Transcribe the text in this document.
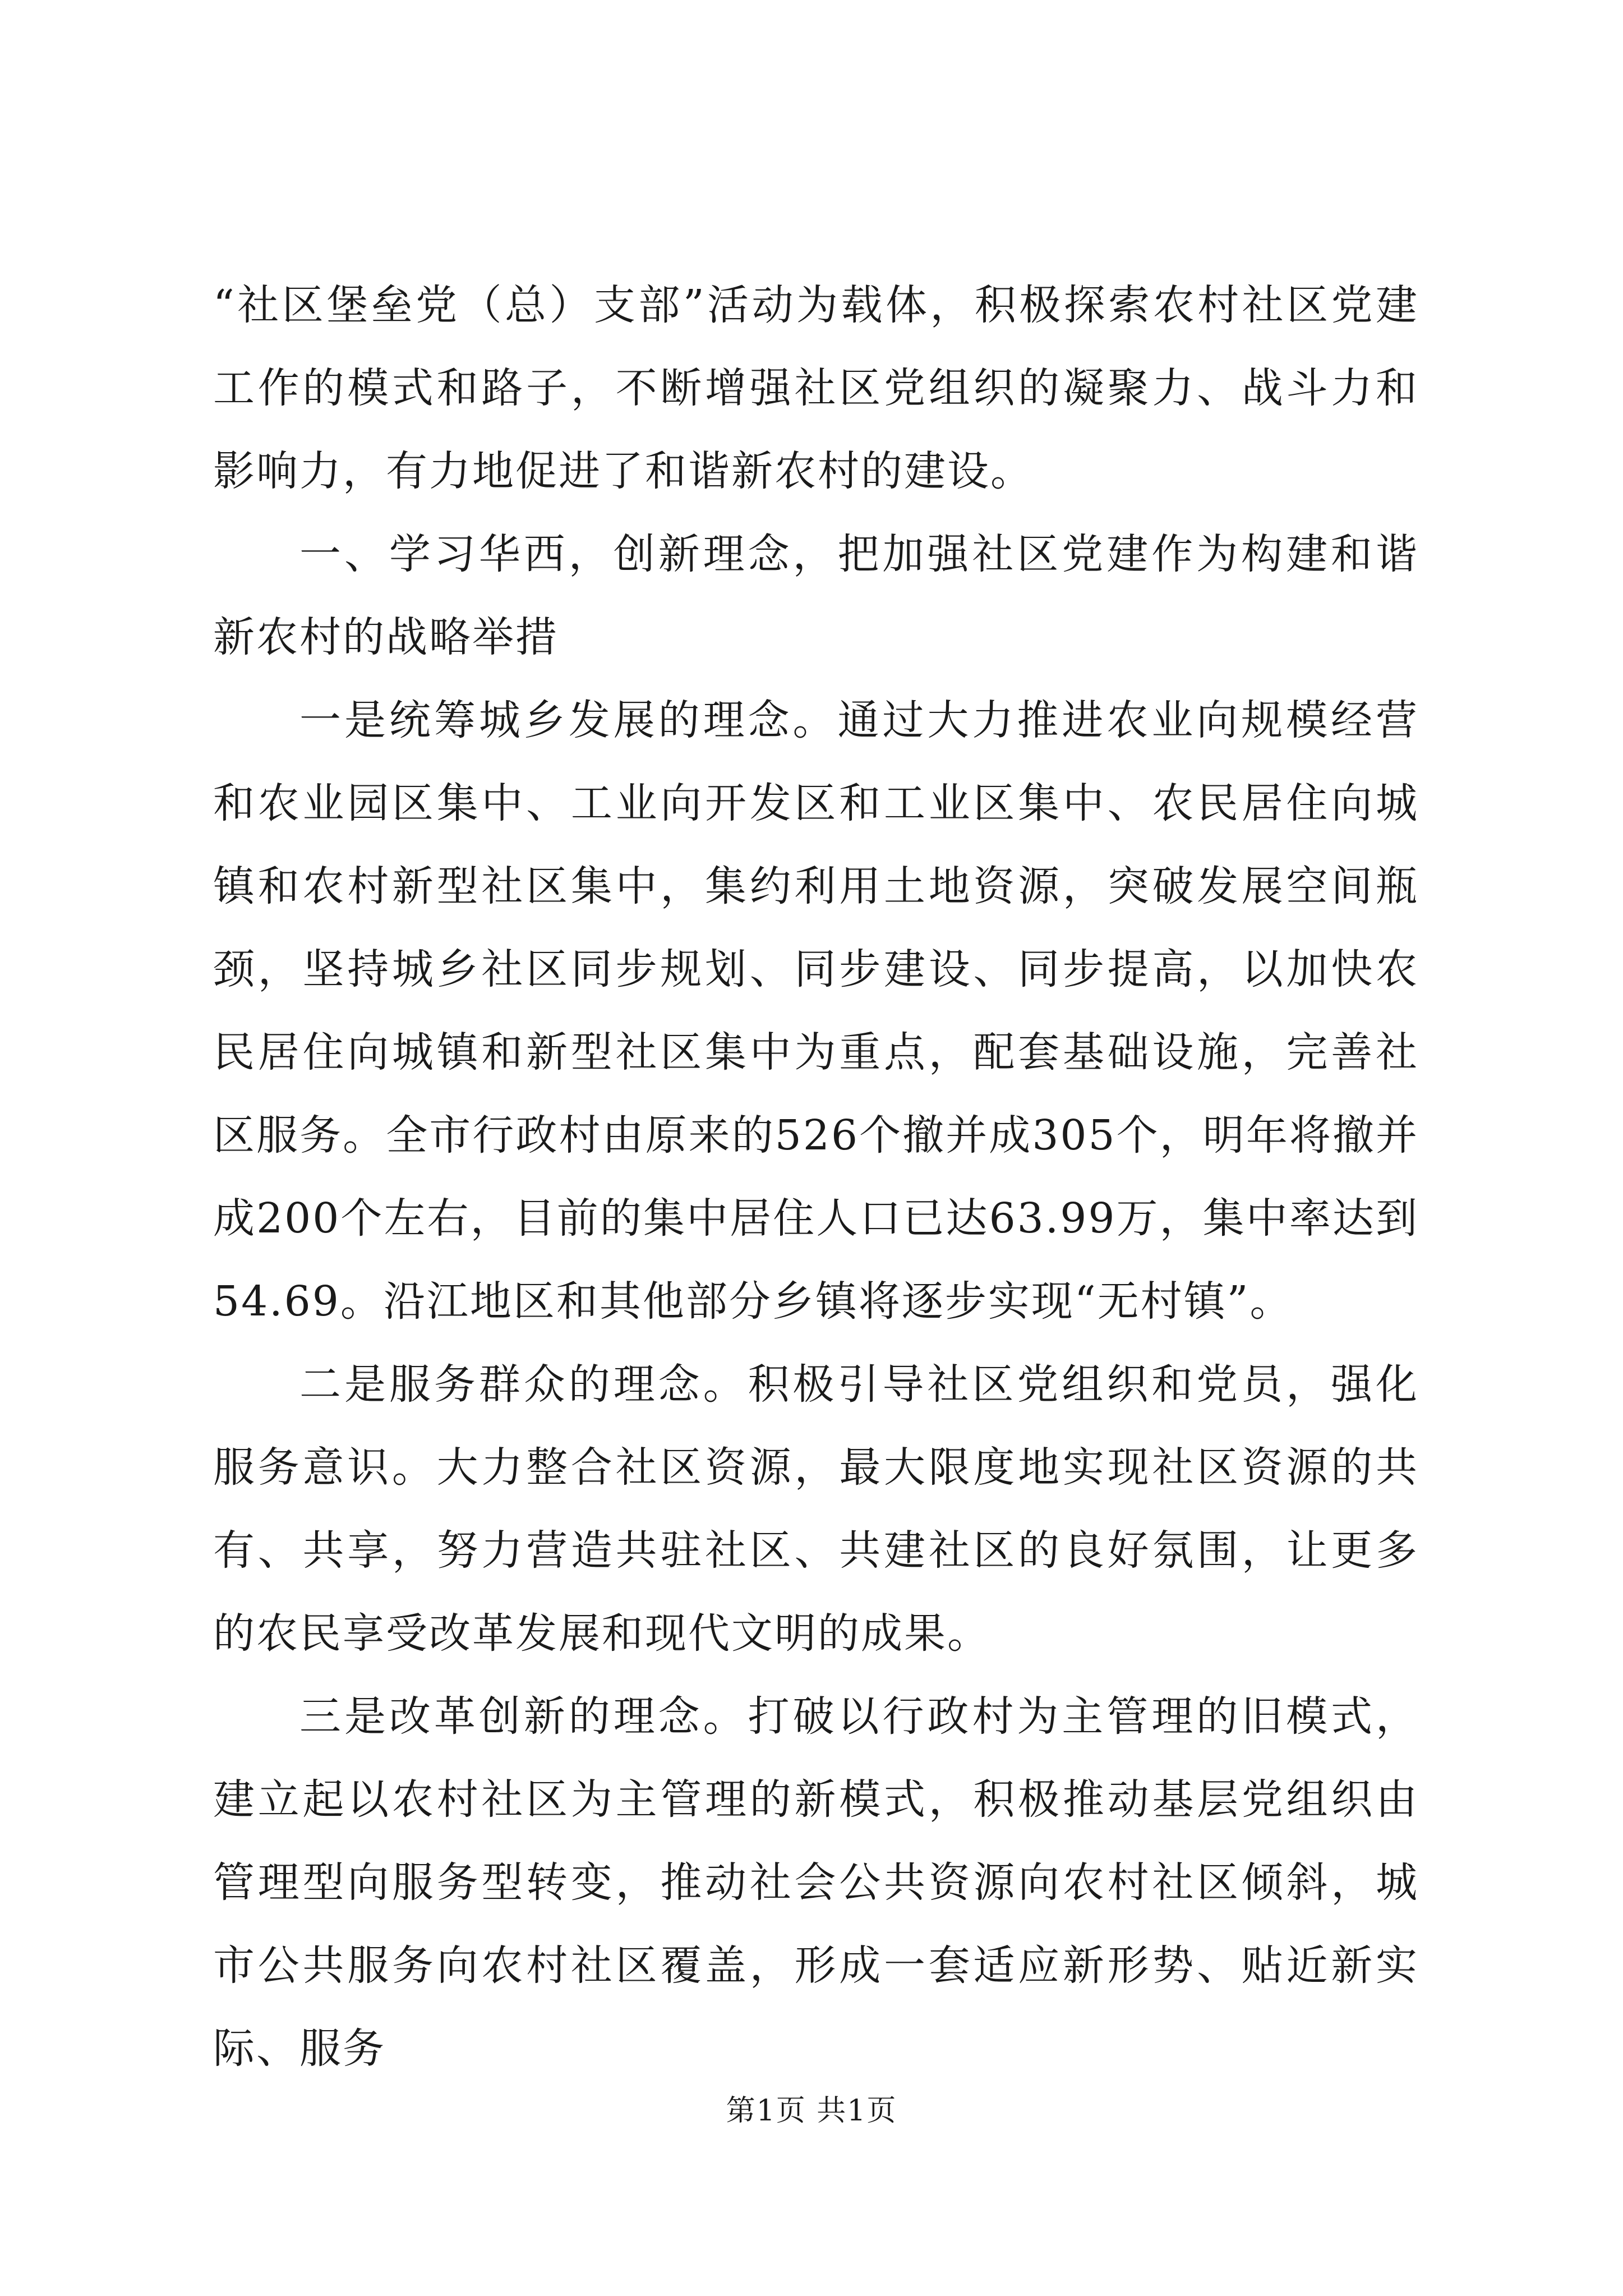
“社区堡垒党（总）支部”活动为载体，积极探索农村社区党建工作的模式和路子，不断增强社区党组织的凝聚力、战斗力和影响力，有力地促进了和谐新农村的建设。

一、学习华西，创新理念，把加强社区党建作为构建和谐新农村的战略举措

一是统筹城乡发展的理念。通过大力推进农业向规模经营和农业园区集中、工业向开发区和工业区集中、农民居住向城镇和农村新型社区集中，集约利用土地资源，突破发展空间瓶颈，坚持城乡社区同步规划、同步建设、同步提高，以加快农民居住向城镇和新型社区集中为重点，配套基础设施，完善社区服务。全市行政村由原来的526个撤并成305个，明年将撤并成200个左右，目前的集中居住人口已达63.99万，集中率达到54.69。沿江地区和其他部分乡镇将逐步实现“无村镇”。

二是服务群众的理念。积极引导社区党组织和党员，强化服务意识。大力整合社区资源，最大限度地实现社区资源的共有、共享，努力营造共驻社区、共建社区的良好氛围，让更多的农民享受改革发展和现代文明的成果。

三是改革创新的理念。打破以行政村为主管理的旧模式，建立起以农村社区为主管理的新模式，积极推动基层党组织由管理型向服务型转变，推动社会公共资源向农村社区倾斜，城市公共服务向农村社区覆盖，形成一套适应新形势、贴近新实际、服务

第1页 共1页
